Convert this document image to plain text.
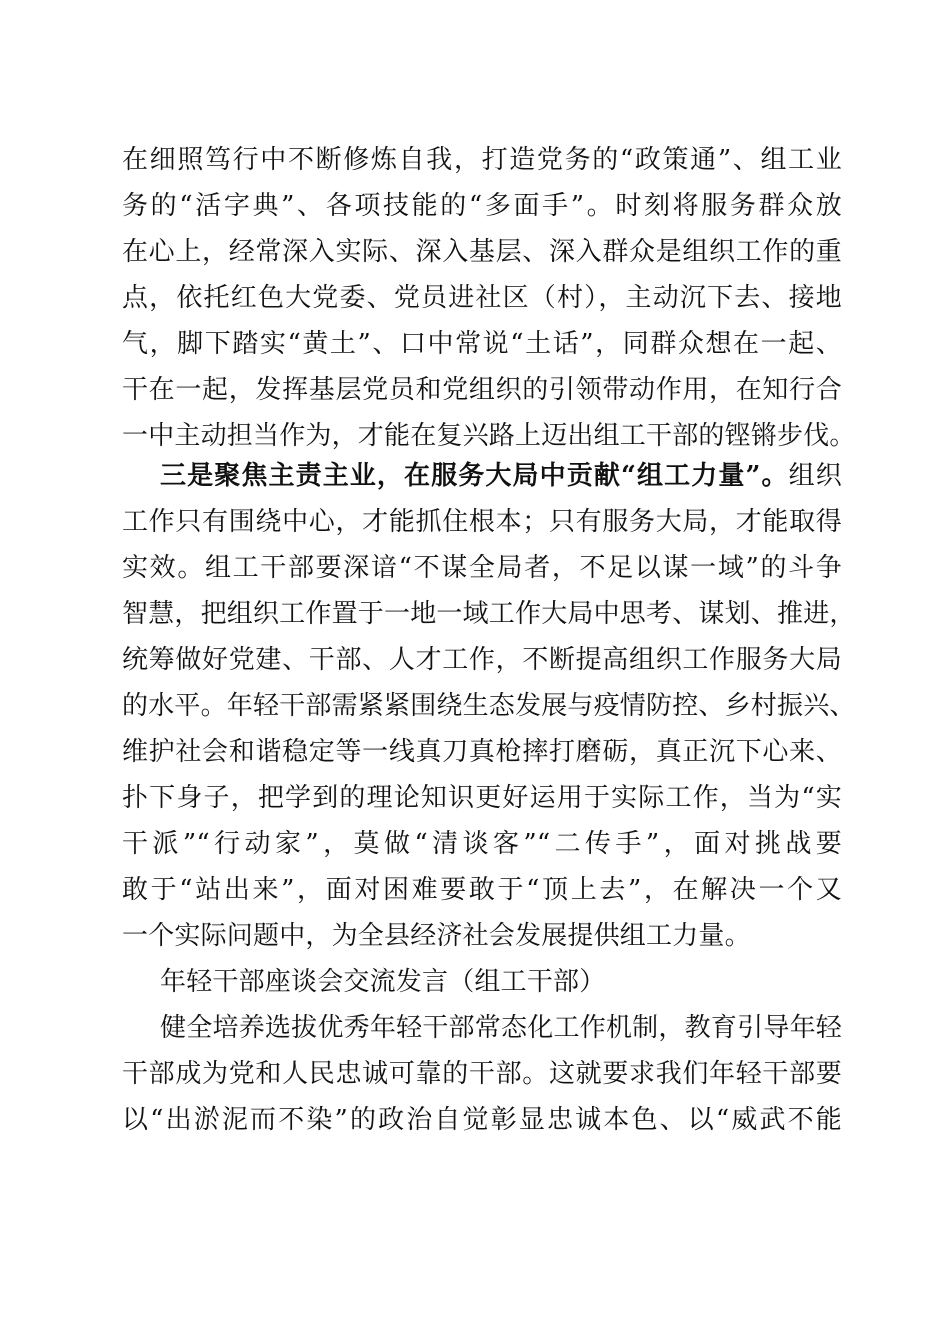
在细照笃行中不断修炼自我，打造党务的“政策通”、组工业
务的“活字典”、各项技能的“多面手”。时刻将服务群众放
在心上，经常深入实际、深入基层、深入群众是组织工作的重
点，依托红色大党委、党员进社区（村），主动沉下去、接地
气，脚下踏实“黄土”、口中常说“土话”，同群众想在一起、
干在一起，发挥基层党员和党组织的引领带动作用，在知行合
一中主动担当作为，才能在复兴路上迈出组工干部的铿锵步伐。
三是聚焦主责主业，在服务大局中贡献“组工力量”。组织
工作只有围绕中心，才能抓住根本；只有服务大局，才能取得
实效。组工干部要深谙“不谋全局者，不足以谋一域”的斗争
智慧，把组织工作置于一地一域工作大局中思考、谋划、推进，
统筹做好党建、干部、人才工作，不断提高组织工作服务大局
的水平。年轻干部需紧紧围绕生态发展与疫情防控、乡村振兴、
维护社会和谐稳定等一线真刀真枪摔打磨砺，真正沉下心来、
扑下身子，把学到的理论知识更好运用于实际工作，当为“实
干派”“行动家”，莫做“清谈客”“二传手”，面对挑战要
敢于“站出来”，面对困难要敢于“顶上去”，在解决一个又
一个实际问题中，为全县经济社会发展提供组工力量。
年轻干部座谈会交流发言（组工干部）
健全培养选拔优秀年轻干部常态化工作机制，教育引导年轻
干部成为党和人民忠诚可靠的干部。这就要求我们年轻干部要
以“出淤泥而不染”的政治自觉彰显忠诚本色、以“威武不能
